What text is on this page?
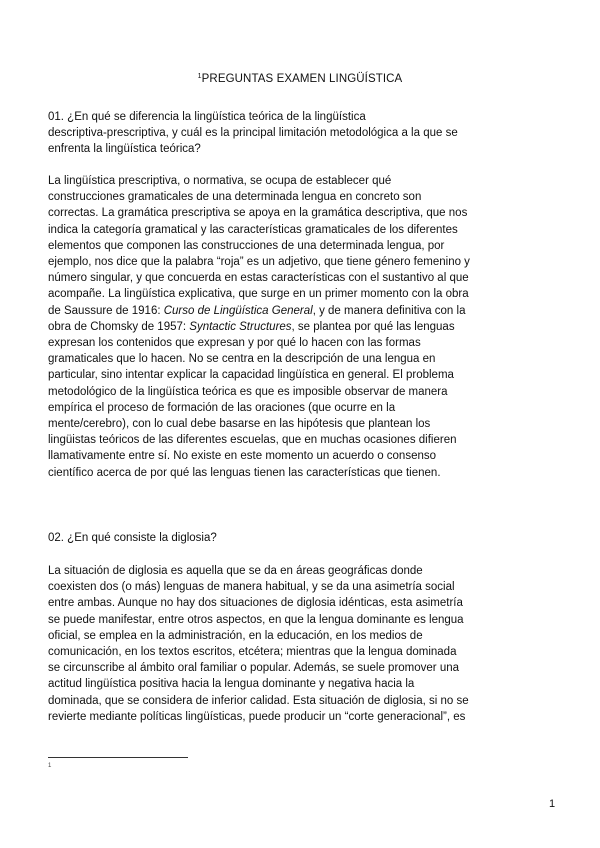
$^1$PREGUNTAS EXAMEN LINGÜÍSTICA
01. ¿En qué se diferencia la lingüística teórica de la lingüística
descriptiva-prescriptiva, y cuál es la principal limitación metodológica a la que se
enfrenta la lingüística teórica?
La lingüística prescriptiva, o normativa, se ocupa de establecer qué
construcciones gramaticales de una determinada lengua en concreto son
correctas. La gramática prescriptiva se apoya en la gramática descriptiva, que nos
indica la categoría gramatical y las características gramaticales de los diferentes
elementos que componen las construcciones de una determinada lengua, por
ejemplo, nos dice que la palabra “roja” es un adjetivo, que tiene género femenino y
número singular, y que concuerda en estas características con el sustantivo al que
acompañe. La lingüística explicativa, que surge en un primer momento con la obra
de Saussure de 1916: Curso de Lingüística General, y de manera definitiva con la
obra de Chomsky de 1957: Syntactic Structures, se plantea por qué las lenguas
expresan los contenidos que expresan y por qué lo hacen con las formas
gramaticales que lo hacen. No se centra en la descripción de una lengua en
particular, sino intentar explicar la capacidad lingüística en general. El problema
metodológico de la lingüística teórica es que es imposible observar de manera
empírica el proceso de formación de las oraciones (que ocurre en la
mente/cerebro), con lo cual debe basarse en las hipótesis que plantean los
lingüistas teóricos de las diferentes escuelas, que en muchas ocasiones difieren
llamativamente entre sí. No existe en este momento un acuerdo o consenso
científico acerca de por qué las lenguas tienen las características que tienen.
02. ¿En qué consiste la diglosia?
La situación de diglosia es aquella que se da en áreas geográficas donde
coexisten dos (o más) lenguas de manera habitual, y se da una asimetría social
entre ambas. Aunque no hay dos situaciones de diglosia idénticas, esta asimetría
se puede manifestar, entre otros aspectos, en que la lengua dominante es lengua
oficial, se emplea en la administración, en la educación, en los medios de
comunicación, en los textos escritos, etcétera; mientras que la lengua dominada
se circunscribe al ámbito oral familiar o popular. Además, se suele promover una
actitud lingüística positiva hacia la lengua dominante y negativa hacia la
dominada, que se considera de inferior calidad. Esta situación de diglosia, si no se
revierte mediante políticas lingüísticas, puede producir un “corte generacional”, es
1
1
